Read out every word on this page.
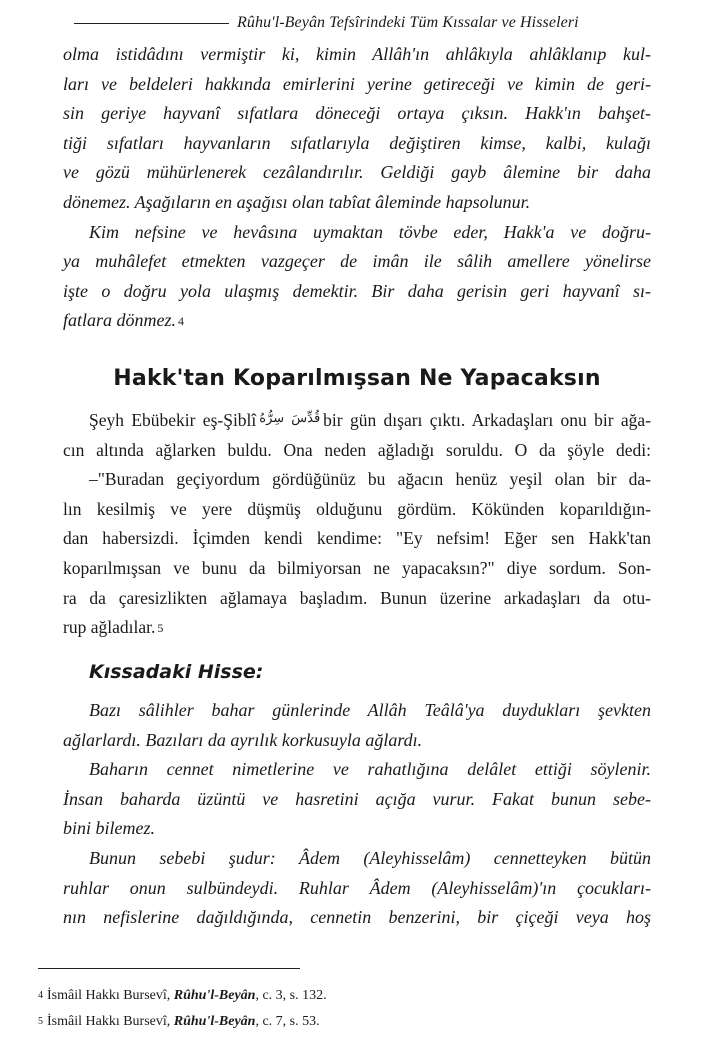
Rûhu'l-Beyân Tefsîrindeki Tüm Kıssalar ve Hisseleri
olma istidâdını vermiştir ki, kimin Allâh'ın ahlâkıyla ahlâklanıp kul-
ları ve beldeleri hakkında emirlerini yerine getireceği ve kimin de geri-
sin geriye hayvanî sıfatlara döneceği ortaya çıksın. Hakk'ın bahşet-
tiği sıfatları hayvanların sıfatlarıyla değiştiren kimse, kalbi, kulağı
ve gözü mühürlenerek cezâlandırılır. Geldiği gayb âlemine bir daha
dönemez. Aşağıların en aşağısı olan tabîat âleminde hapsolunur.
Kim nefsine ve hevâsına uymaktan tövbe eder, Hakk'a ve doğru-
ya muhâlefet etmekten vazgeçer de imân ile sâlih amellere yönelirse
işte o doğru yola ulaşmış demektir. Bir daha gerisin geri hayvanî sı-
fatlara dönmez. 4
Hakk'tan Koparılmışsan Ne Yapacaksın
Şeyh Ebübekir eş-Şiblî $^{قُدِّسَ سِرُّهُ}$ bir gün dışarı çıktı. Arkadaşları onu bir ağa-
cın altında ağlarken buldu. Ona neden ağladığı soruldu. O da şöyle dedi:
–"Buradan geçiyordum gördüğünüz bu ağacın henüz yeşil olan bir da-
lın kesilmiş ve yere düşmüş olduğunu gördüm. Kökünden koparıldığın-
dan habersizdi. İçimden kendi kendime: "Ey nefsim! Eğer sen Hakk'tan
koparılmışsan ve bunu da bilmiyorsan ne yapacaksın?" diye sordum. Son-
ra da çaresizlikten ağlamaya başladım. Bunun üzerine arkadaşları da otu-
rup ağladılar. 5
Kıssadaki Hisse:
Bazı sâlihler bahar günlerinde Allâh Teâlâ'ya duydukları şevkten
ağlarlardı. Bazıları da ayrılık korkusuyla ağlardı.
Baharın cennet nimetlerine ve rahatlığına delâlet ettiği söylenir.
İnsan baharda üzüntü ve hasretini açığa vurur. Fakat bunun sebe-
bini bilemez.
Bunun sebebi şudur: Âdem (Aleyhisselâm) cennetteyken bütün
ruhlar onun sulbündeydi. Ruhlar Âdem (Aleyhisselâm)'ın çocukları-
nın nefislerine dağıldığında, cennetin benzerini, bir çiçeği veya hoş
4 İsmâil Hakkı Bursevî, Rûhu'l-Beyân, c. 3, s. 132.
5 İsmâil Hakkı Bursevî, Rûhu'l-Beyân, c. 7, s. 53.
